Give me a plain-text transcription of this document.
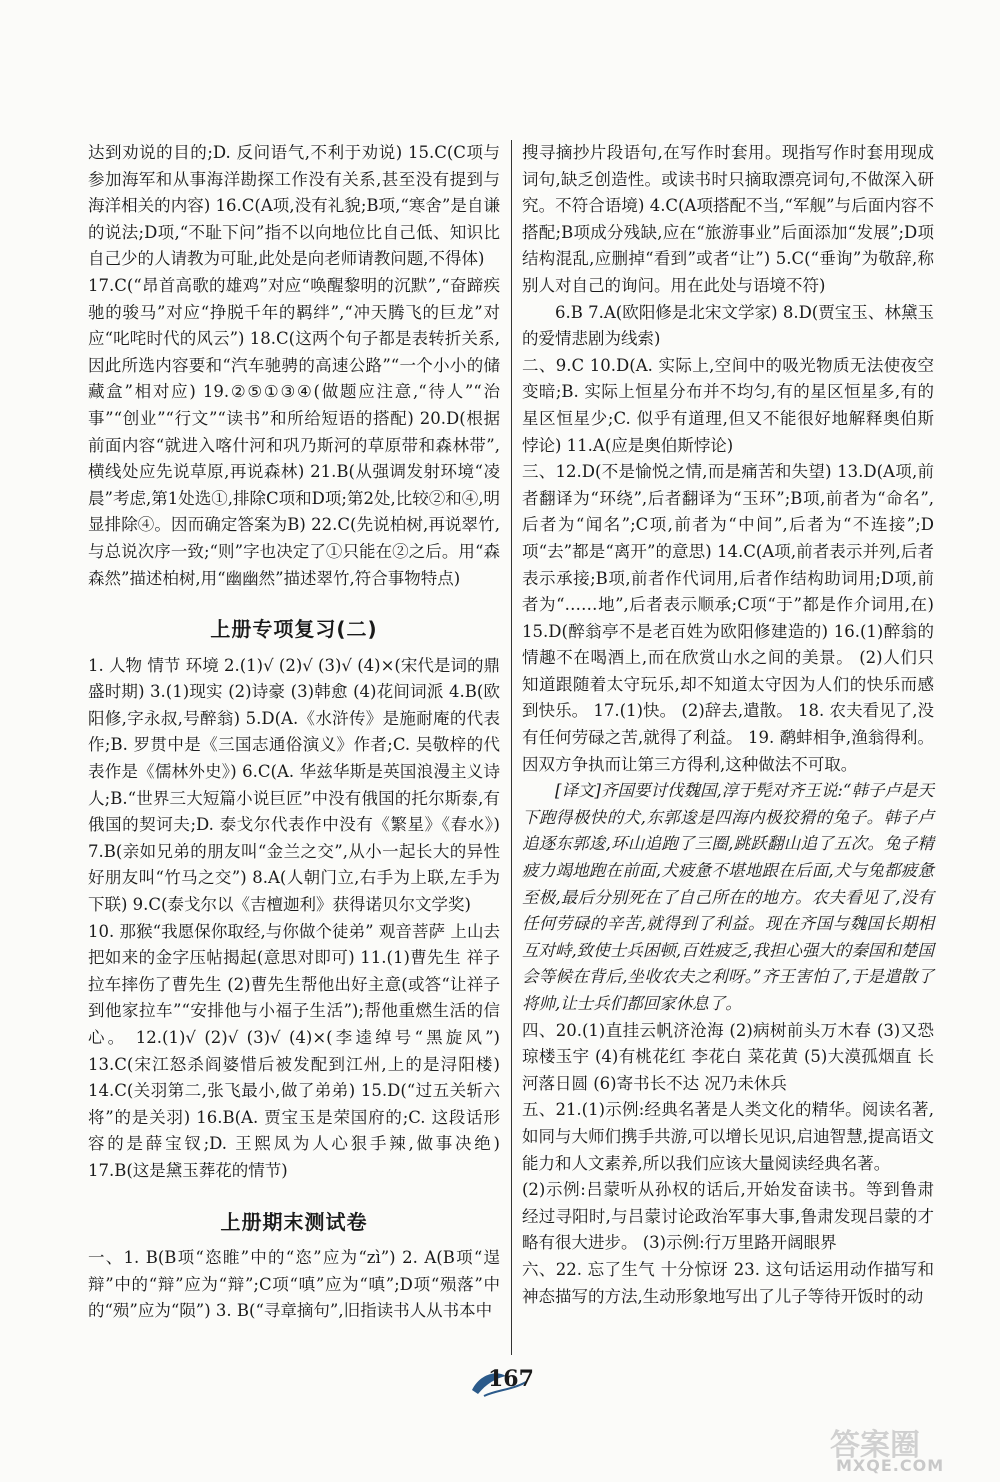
达到劝说的目的;D. 反问语气,不利于劝说) 15.C(C项与参加海军和从事海洋勘探工作没有关系,甚至没有提到与海洋相关的内容) 16.C(A项,没有礼貌;B项,“寒舍”是自谦的说法;D项,“不耻下问”指不以向地位比自己低、知识比自己少的人请教为可耻,此处是向老师请教问题,不得体)

17.C(“昂首高歌的雄鸡”对应“唤醒黎明的沉默”,“奋蹄疾驰的骏马”对应“挣脱千年的羁绊”,“冲天腾飞的巨龙”对应“叱咤时代的风云”) 18.C(这两个句子都是表转折关系,因此所选内容要和“汽车驰骋的高速公路”“一个小小的储藏盒”相对应) 19.②⑤①③④(做题应注意,“待人”“治事”“创业”“行文”“读书”和所给短语的搭配) 20.D(根据前面内容“就进入喀什河和巩乃斯河的草原带和森林带”,横线处应先说草原,再说森林) 21.B(从强调发射环境“凌晨”考虑,第1处选①,排除C项和D项;第2处,比较②和④,明显排除④。因而确定答案为B) 22.C(先说柏树,再说翠竹,与总说次序一致;“则”字也决定了①只能在②之后。用“森森然”描述柏树,用“幽幽然”描述翠竹,符合事物特点)

上册专项复习(二)

1. 人物 情节 环境 2.(1)√ (2)√ (3)√ (4)×(宋代是词的鼎盛时期) 3.(1)现实 (2)诗豪 (3)韩愈 (4)花间词派 4.B(欧阳修,字永叔,号醉翁) 5.D(A.《水浒传》是施耐庵的代表作;B. 罗贯中是《三国志通俗演义》作者;C. 吴敬梓的代表作是《儒林外史》) 6.C(A. 华兹华斯是英国浪漫主义诗人;B.“世界三大短篇小说巨匠”中没有俄国的托尔斯泰,有俄国的契诃夫;D. 泰戈尔代表作中没有《繁星》《春水》) 7.B(亲如兄弟的朋友叫“金兰之交”,从小一起长大的异性好朋友叫“竹马之交”) 8.A(人朝门立,右手为上联,左手为下联) 9.C(泰戈尔以《吉檀迦利》获得诺贝尔文学奖)

10. 那猴“我愿保你取经,与你做个徒弟” 观音菩萨 上山去把如来的金字压帖揭起(意思对即可) 11.(1)曹先生 祥子拉车摔伤了曹先生 (2)曹先生帮他出好主意(或答“让祥子到他家拉车”“安排他与小福子生活”);帮他重燃生活的信心。 12.(1)√ (2)√ (3)√ (4)×(李逵绰号“黑旋风”) 13.C(宋江怒杀阎婆惜后被发配到江州,上的是浔阳楼) 14.C(关羽第二,张飞最小,做了弟弟) 15.D(“过五关斩六将”的是关羽) 16.B(A. 贾宝玉是荣国府的;C. 这段话形容的是薛宝钗;D. 王熙凤为人心狠手辣,做事决绝) 17.B(这是黛玉葬花的情节)

上册期末测试卷

一、1. B(B项“恣睢”中的“恣”应为“zì”) 2. A(B项“逞辩”中的“辩”应为“辩”;C项“嗔”应为“嗔”;D项“殒落”中的“殒”应为“陨”) 3. B(“寻章摘句”,旧指读书人从书本中

搜寻摘抄片段语句,在写作时套用。现指写作时套用现成词句,缺乏创造性。或读书时只摘取漂亮词句,不做深入研究。不符合语境) 4.C(A项搭配不当,“军舰”与后面内容不搭配;B项成分残缺,应在“旅游事业”后面添加“发展”;D项结构混乱,应删掉“看到”或者“让”) 5.C(“垂询”为敬辞,称别人对自己的询问。用在此处与语境不符)

6.B 7.A(欧阳修是北宋文学家) 8.D(贾宝玉、林黛玉的爱情悲剧为线索)

二、9.C 10.D(A. 实际上,空间中的吸光物质无法使夜空变暗;B. 实际上恒星分布并不均匀,有的星区恒星多,有的星区恒星少;C. 似乎有道理,但又不能很好地解释奥伯斯悖论) 11.A(应是奥伯斯悖论)

三、12.D(不是愉悦之情,而是痛苦和失望) 13.D(A项,前者翻译为“环绕”,后者翻译为“玉环”;B项,前者为“命名”,后者为“闻名”;C项,前者为“中间”,后者为“不连接”;D项“去”都是“离开”的意思) 14.C(A项,前者表示并列,后者表示承接;B项,前者作代词用,后者作结构助词用;D项,前者为“……地”,后者表示顺承;C项“于”都是作介词用,在) 15.D(醉翁亭不是老百姓为欧阳修建造的) 16.(1)醉翁的情趣不在喝酒上,而在欣赏山水之间的美景。 (2)人们只知道跟随着太守玩乐,却不知道太守因为人们的快乐而感到快乐。 17.(1)快。 (2)辞去,遣散。 18. 农夫看见了,没有任何劳碌之苦,就得了利益。 19. 鹬蚌相争,渔翁得利。因双方争执而让第三方得利,这种做法不可取。

[译文]齐国要讨伐魏国,淳于髡对齐王说:“韩子卢是天下跑得极快的犬,东郭逡是四海内极狡猾的兔子。韩子卢追逐东郭逡,环山追跑了三圈,跳跃翻山追了五次。兔子精疲力竭地跑在前面,犬疲惫不堪地跟在后面,犬与兔都疲惫至极,最后分别死在了自己所在的地方。农夫看见了,没有任何劳碌的辛苦,就得到了利益。现在齐国与魏国长期相互对峙,致使士兵困顿,百姓疲乏,我担心强大的秦国和楚国会等候在背后,坐收农夫之利呀。”齐王害怕了,于是遣散了将帅,让士兵们都回家休息了。

四、20.(1)直挂云帆济沧海 (2)病树前头万木春 (3)又恐琼楼玉宇 (4)有桃花红 李花白 菜花黄 (5)大漠孤烟直 长河落日圆 (6)寄书长不达 况乃未休兵

五、21.(1)示例:经典名著是人类文化的精华。阅读名著,如同与大师们携手共游,可以增长见识,启迪智慧,提高语文能力和人文素养,所以我们应该大量阅读经典名著。

(2)示例:吕蒙听从孙权的话后,开始发奋读书。等到鲁肃经过寻阳时,与吕蒙讨论政治军事大事,鲁肃发现吕蒙的才略有很大进步。 (3)示例:行万里路开阔眼界

六、22. 忘了生气 十分惊讶 23. 这句话运用动作描写和神态描写的方法,生动形象地写出了儿子等待开饭时的动

167
答案圈
MXQE.COM
